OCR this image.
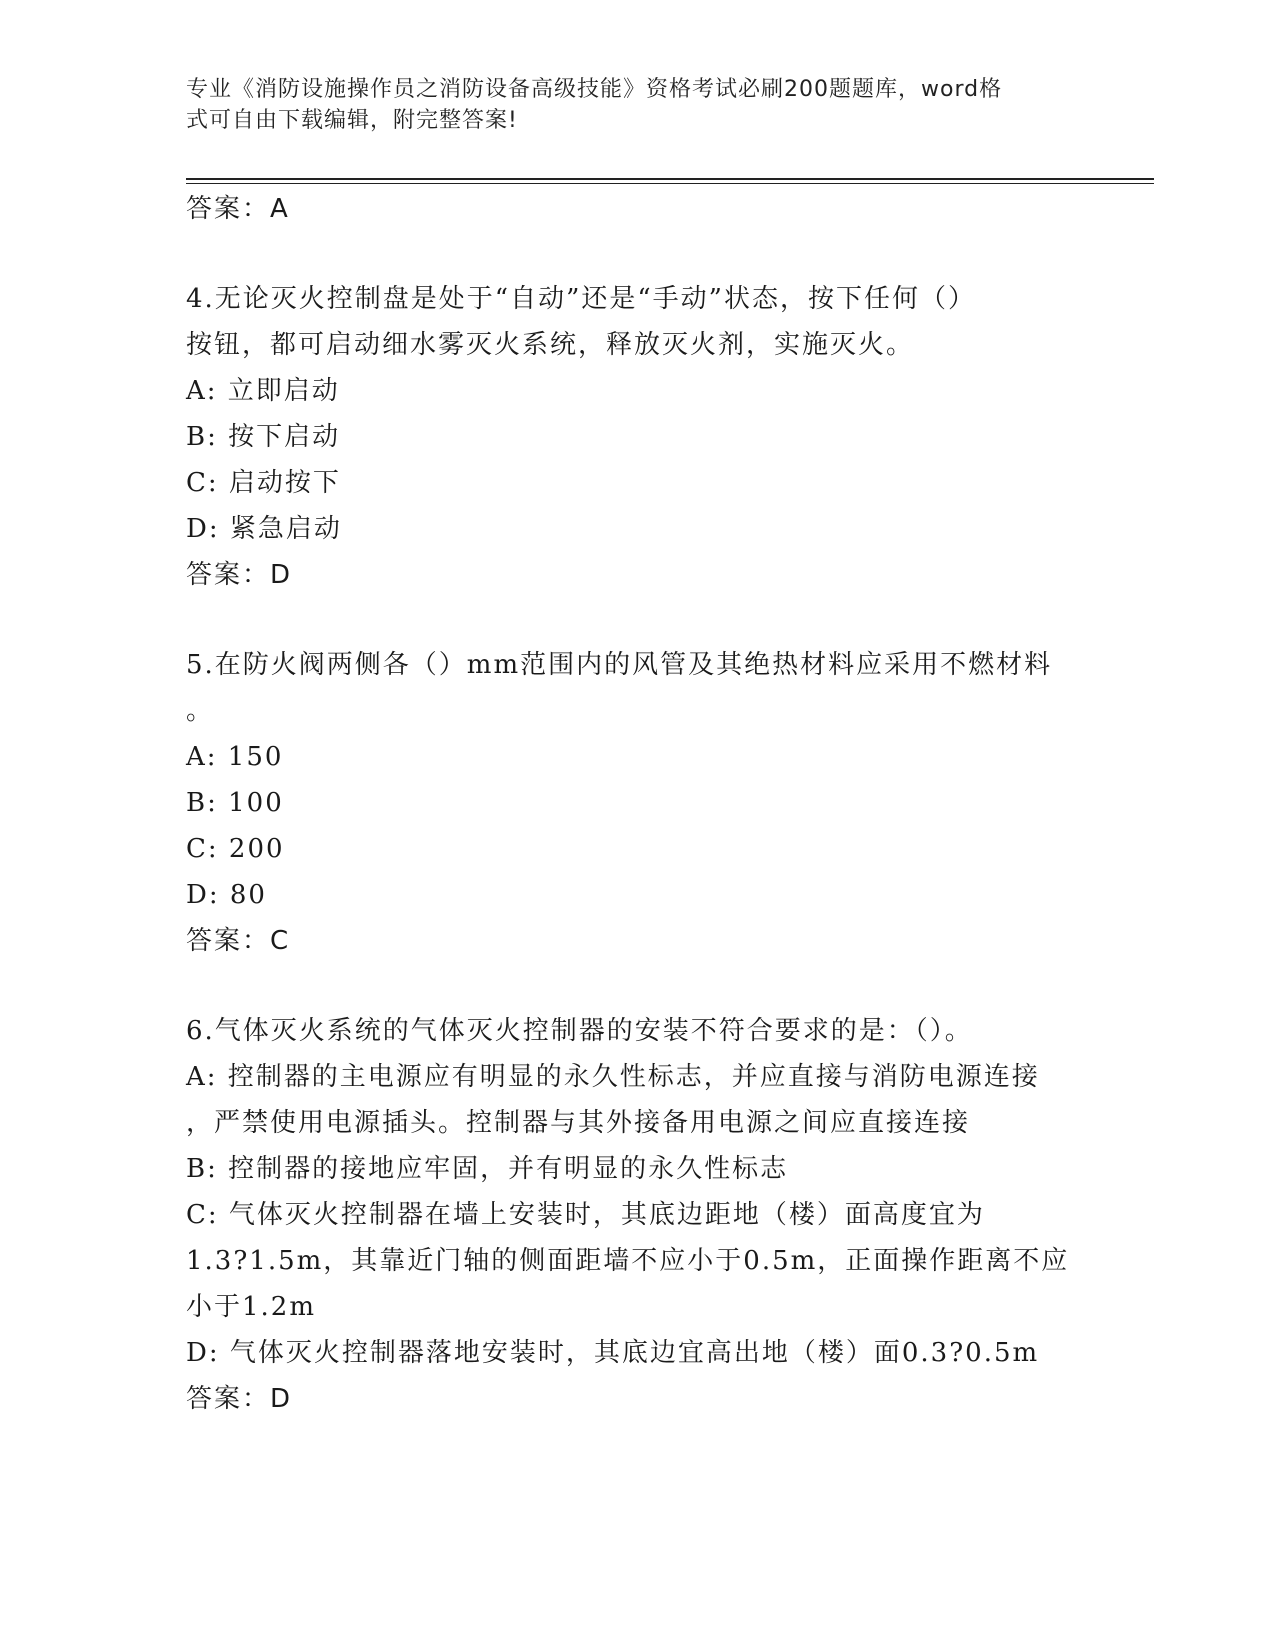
专业《消防设施操作员之消防设备高级技能》资格考试必刷200题题库，word格
式可自由下载编辑，附完整答案!
答案：A
4.无论灭火控制盘是处于“自动”还是“手动”状态，按下任何（）
按钮，都可启动细水雾灭火系统，释放灭火剂，实施灭火。
A: 立即启动
B: 按下启动
C: 启动按下
D: 紧急启动
答案：D
5.在防火阀两侧各（）mm范围内的风管及其绝热材料应采用不燃材料
。
A: 150
B: 100
C: 200
D: 80
答案：C
6.气体灭火系统的气体灭火控制器的安装不符合要求的是：（）。
A: 控制器的主电源应有明显的永久性标志，并应直接与消防电源连接
，严禁使用电源插头。控制器与其外接备用电源之间应直接连接
B: 控制器的接地应牢固，并有明显的永久性标志
C: 气体灭火控制器在墙上安装时，其底边距地（楼）面高度宜为
1.3?1.5m，其靠近门轴的侧面距墙不应小于0.5m，正面操作距离不应
小于1.2m
D: 气体灭火控制器落地安装时，其底边宜高出地（楼）面0.3?0.5m
答案：D
